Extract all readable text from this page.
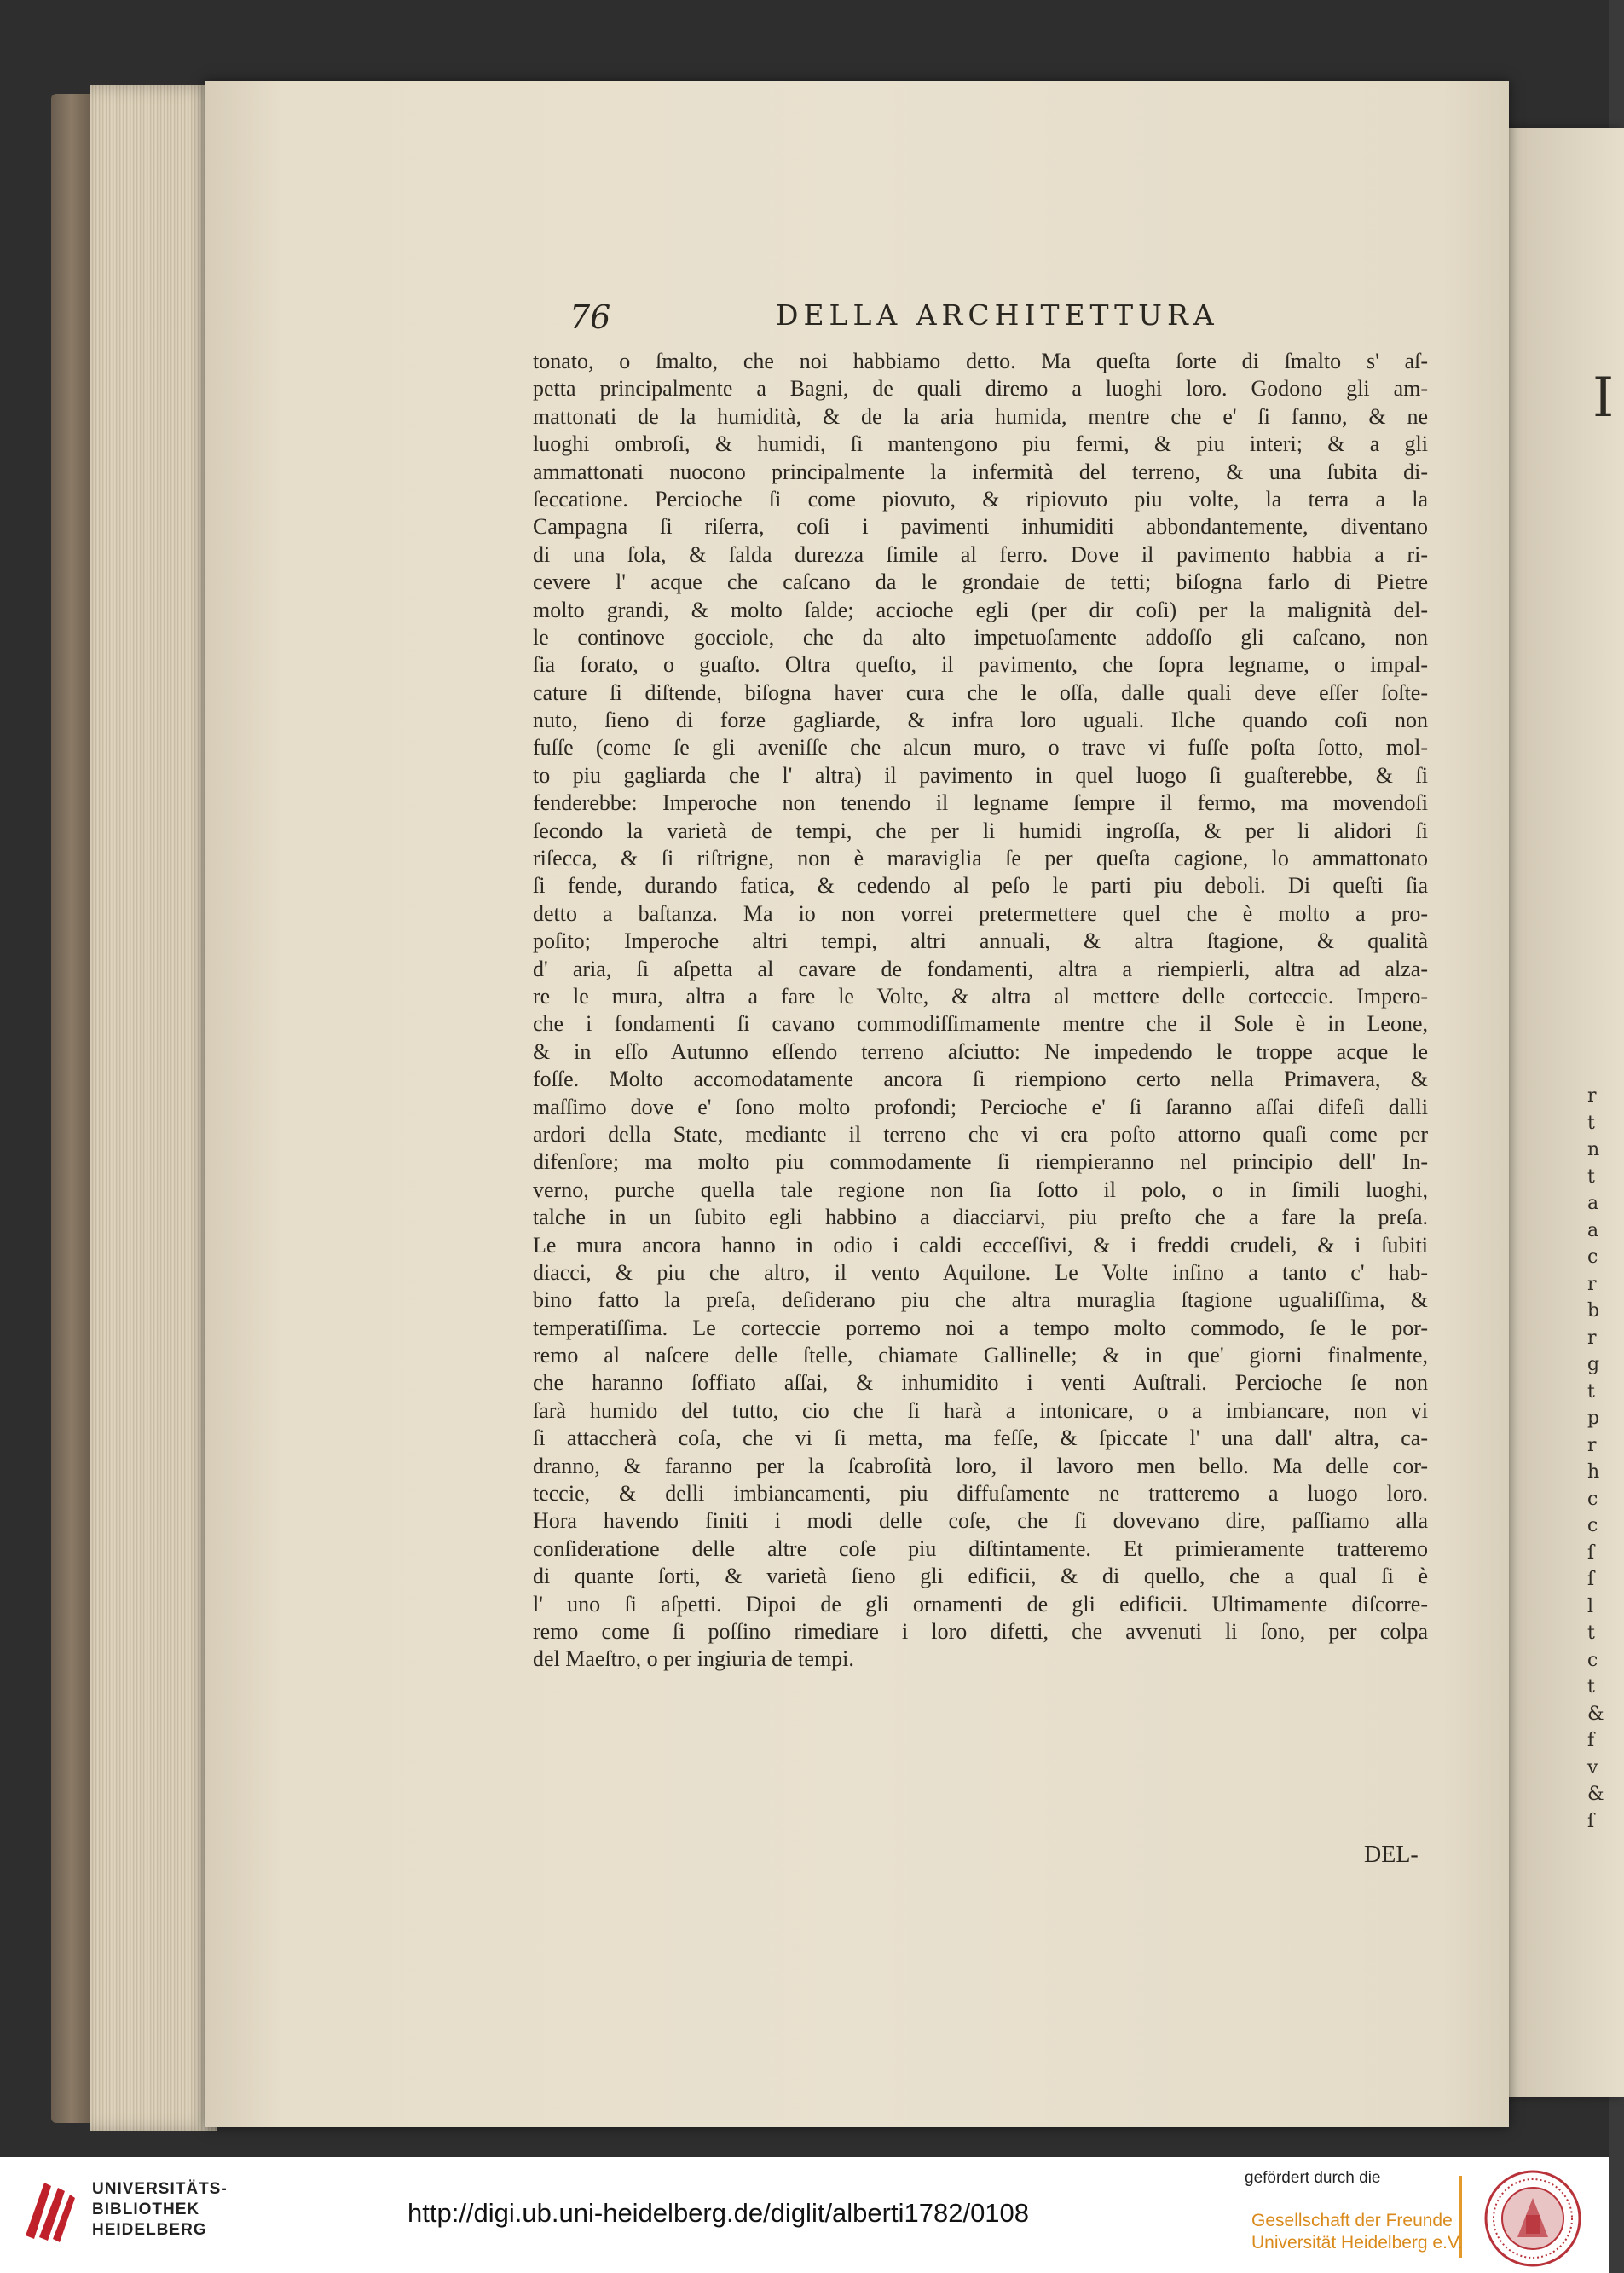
I
r
t
n
t
a
a
c
r
b
r
g
t
p
r
h
c
c
ſ
ſ
l
t
c
t
&
f
v
&
ſ
76	DELLA ARCHITETTURA
tonato, o ſmalto, che noi habbiamo detto. Ma queſta ſorte di ſmalto s' aſ-
petta principalmente a Bagni, de quali diremo a luoghi loro. Godono gli am-
mattonati de la humidità, & de la aria humida, mentre che e' ſi fanno, & ne
luoghi ombroſi, & humidi, ſi mantengono piu fermi, & piu interi; & a gli
ammattonati nuocono principalmente la infermità del terreno, & una ſubita di-
ſeccatione. Percioche ſi come piovuto, & ripiovuto piu volte, la terra a la
Campagna ſi riſerra, coſi i pavimenti inhumiditi abbondantemente, diventano
di una ſola, & ſalda durezza ſimile al ferro. Dove il pavimento habbia a ri-
cevere l' acque che caſcano da le grondaie de tetti; biſogna farlo di Pietre
molto grandi, & molto ſalde; accioche egli (per dir coſi) per la malignità del-
le continove gocciole, che da alto impetuoſamente addoſſo gli caſcano, non
ſia forato, o guaſto. Oltra queſto, il pavimento, che ſopra legname, o impal-
cature ſi diſtende, biſogna haver cura che le oſſa, dalle quali deve eſſer ſoſte-
nuto, ſieno di forze gagliarde, & infra loro uguali. Ilche quando coſi non
fuſſe (come ſe gli aveniſſe che alcun muro, o trave vi fuſſe poſta ſotto, mol-
to piu gagliarda che l' altra) il pavimento in quel luogo ſi guaſterebbe, & ſi
fenderebbe: Imperoche non tenendo il legname ſempre il fermo, ma movendoſi
ſecondo la varietà de tempi, che per li humidi ingroſſa, & per li alidori ſi
riſecca, & ſi riſtrigne, non è maraviglia ſe per queſta cagione, lo ammattonato
ſi fende, durando fatica, & cedendo al peſo le parti piu deboli. Di queſti ſia
detto a baſtanza. Ma io non vorrei pretermettere quel che è molto a pro-
poſito; Imperoche altri tempi, altri annuali, & altra ſtagione, & qualità
d' aria, ſi aſpetta al cavare de fondamenti, altra a riempierli, altra ad alza-
re le mura, altra a fare le Volte, & altra al mettere delle corteccie. Impero-
che i fondamenti ſi cavano commodiſſimamente mentre che il Sole è in Leone,
& in eſſo Autunno eſſendo terreno aſciutto: Ne impedendo le troppe acque le
foſſe. Molto accomodatamente ancora ſi riempiono certo nella Primavera, &
maſſimo dove e' ſono molto profondi; Percioche e' ſi ſaranno aſſai difeſi dalli
ardori della State, mediante il terreno che vi era poſto attorno quaſi come per
difenſore; ma molto piu commodamente ſi riempieranno nel principio dell' In-
verno, purche quella tale regione non ſia ſotto il polo, o in ſimili luoghi,
talche in un ſubito egli habbino a diacciarvi, piu preſto che a fare la preſa.
Le mura ancora hanno in odio i caldi eccceſſivi, & i freddi crudeli, & i ſubiti
diacci, & piu che altro, il vento Aquilone. Le Volte inſino a tanto c' hab-
bino fatto la preſa, deſiderano piu che altra muraglia ſtagione ugualiſſima, &
temperatiſſima. Le corteccie porremo noi a tempo molto commodo, ſe le por-
remo al naſcere delle ſtelle, chiamate Gallinelle; & in que' giorni finalmente,
che haranno ſoffiato aſſai, & inhumidito i venti Auſtrali. Percioche ſe non
ſarà humido del tutto, cio che ſi harà a intonicare, o a imbiancare, non vi
ſi attaccherà coſa, che vi ſi metta, ma feſſe, & ſpiccate l' una dall' altra, ca-
dranno, & faranno per la ſcabroſità loro, il lavoro men bello. Ma delle cor-
teccie, & delli imbiancamenti, piu diffuſamente ne tratteremo a luogo loro.
Hora havendo finiti i modi delle coſe, che ſi dovevano dire, paſſiamo alla
conſideratione delle altre coſe piu diſtintamente. Et primieramente tratteremo
di quante ſorti, & varietà ſieno gli edificii, & di quello, che a qual ſi è
l' uno ſi aſpetti. Dipoi de gli ornamenti de gli edificii. Ultimamente diſcorre-
remo come ſi poſſino rimediare i loro difetti, che avvenuti li ſono, per colpa
del Maeſtro, o per ingiuria de tempi.
DEL-
UNIVERSITÄTS-
BIBLIOTHEK
HEIDELBERG
http://digi.ub.uni-heidelberg.de/diglit/alberti1782/0108
gefördert durch die
Gesellschaft der Freunde
Universität Heidelberg e.V.
